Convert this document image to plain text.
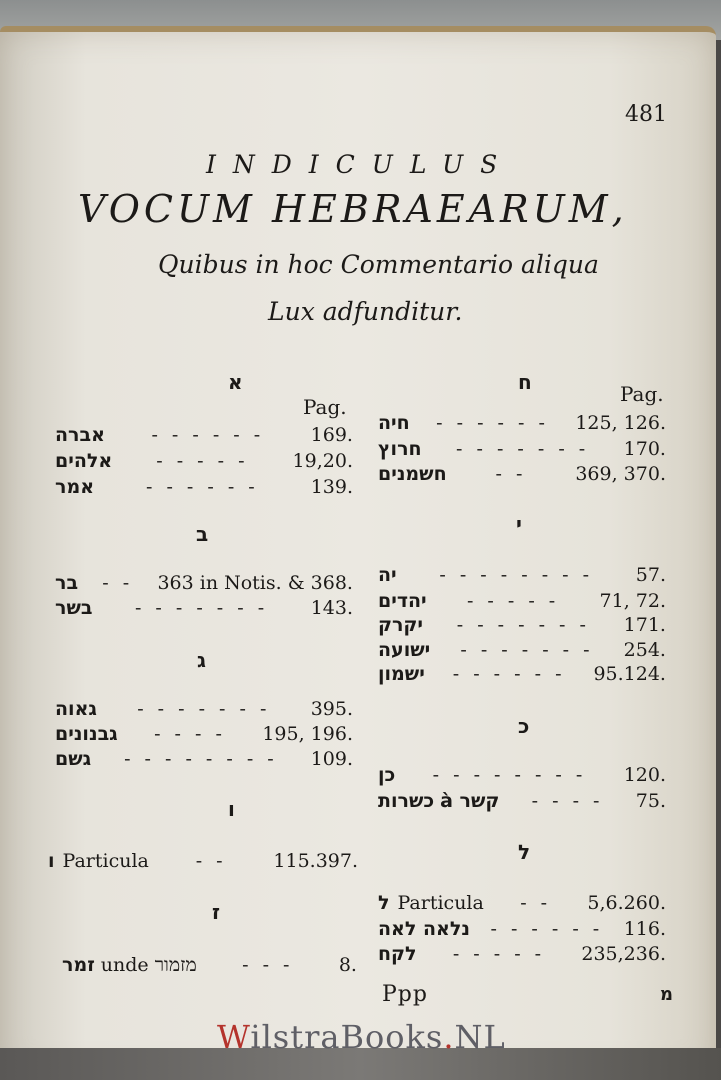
481
INDICULUS
VOCUM HEBRAEARUM,
Quibus in hoc Commentario aliqua
Lux adfunditur.
א
Pag.
אברה - - - - - - 169.
אלהים - - - - - 19,20.
אמר	- - - - - -	139.
ב
בר - - 363 in Notis. & 368.
בשר - - - - - - - 143.
ג
גאוה - - - - - - - 395.
גבנונים - - - - 195, 196.
גשם - - - - - - - - 109.
ו
ו Particula - - 115.397.
ז
זמר unde מזמור - - - 8.
ח	Pag.
חיה - - - - - - 125, 126.
חרוץ - - - - - - - 170.
חשמנים	- -	369, 370.
י
יה - - - - - - - - 57.
יהדים - - - - - 71, 72.
יקרק - - - - - - - 171.
ישועה - - - - - - - 254.
ישמון - - - - - - 95.124.
כ
כן - - - - - - - - 120.
כשרות קשר à - - - - 75.
ל
ל Particula - - 5,6.260.
נלאה לאה - - - - - - 116.
לקח - - - - - 235,236.
Ppp	מ
WilstraBooks.NL
